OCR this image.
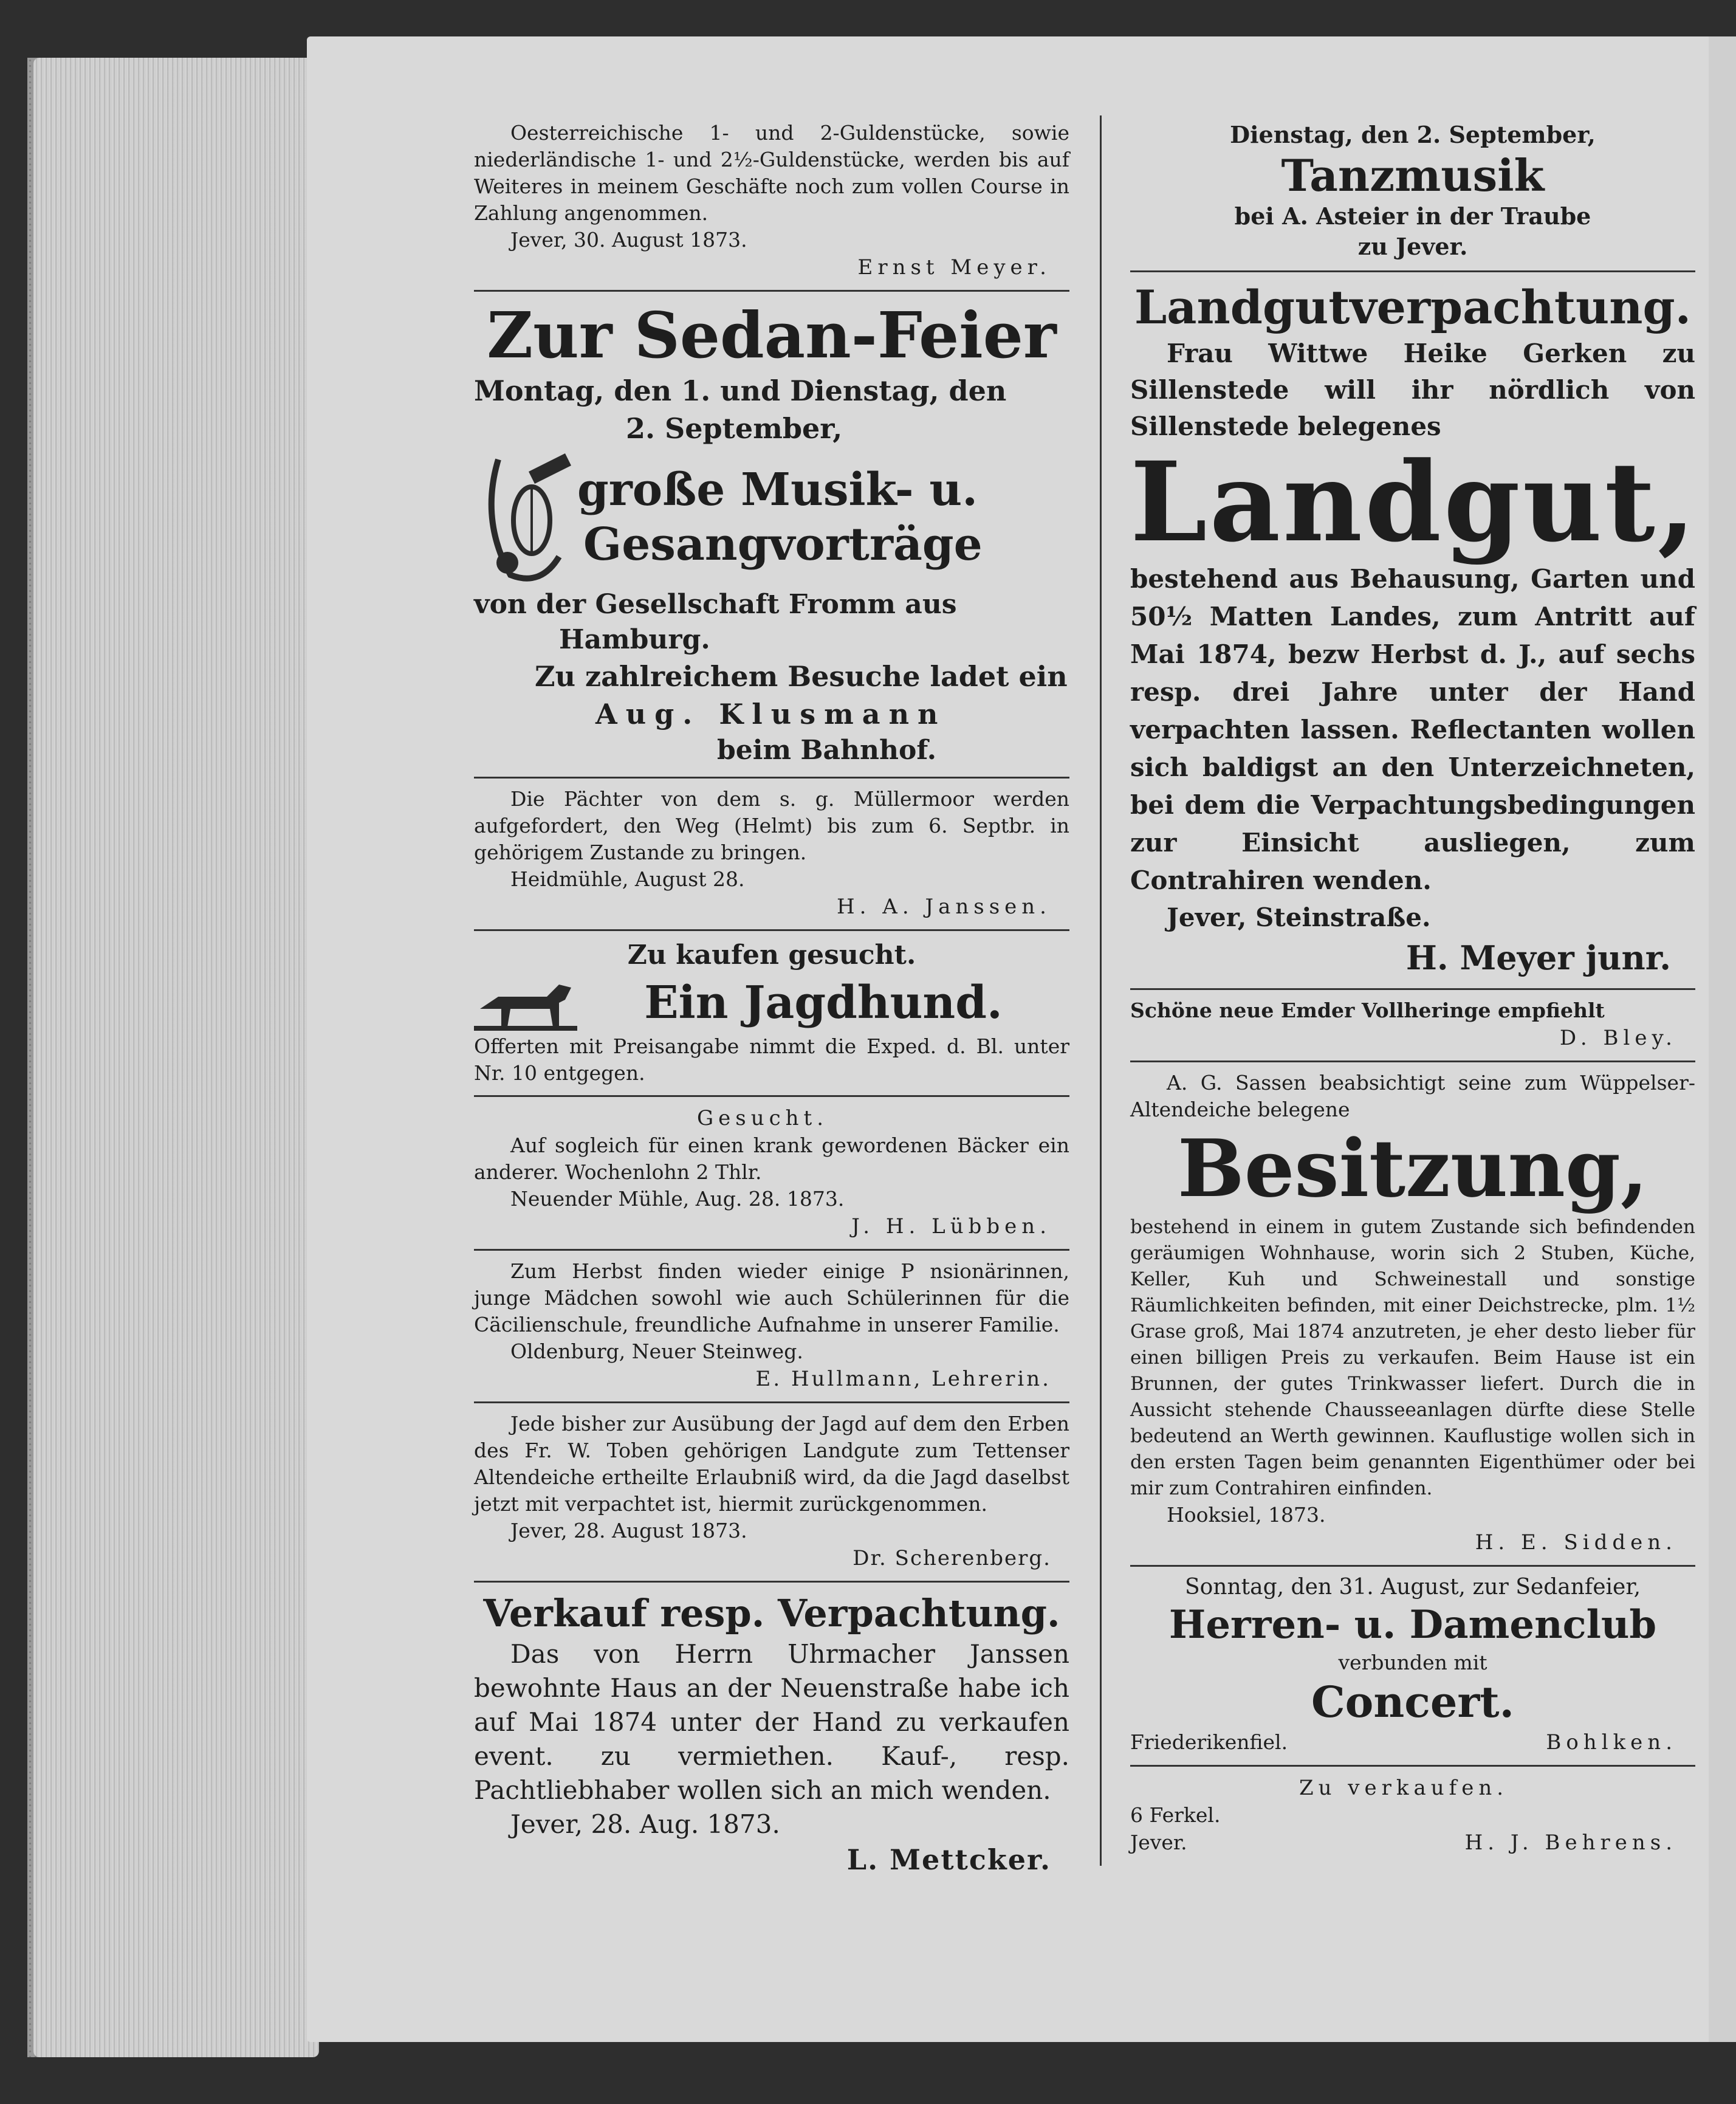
Oesterreichische 1- und 2-Guldenstücke, sowie niederländische 1- und 2½-Guldenstücke, werden bis auf Weiteres in meinem Geschäfte noch zum vollen Course in Zahlung angenommen.

Jever, 30. August 1873.

Ernst Meyer.

Zur Sedan-Feier

Montag, den 1. und Dienstag, den

2. September,

große Musik- u.

Gesangvorträge

von der Gesellschaft Fromm aus

Hamburg.

Zu zahlreichem Besuche ladet ein

Aug. Klusmann

beim Bahnhof.

Die Pächter von dem s. g. Müllermoor werden aufgefordert, den Weg (Helmt) bis zum 6. Septbr. in gehörigem Zustande zu bringen.

Heidmühle, August 28.

H. A. Janssen.

Zu kaufen gesucht.

Ein Jagdhund.

Offerten mit Preisangabe nimmt die Exped. d. Bl. unter Nr. 10 entgegen.

Gesucht.

Auf sogleich für einen krank gewordenen Bäcker ein anderer. Wochenlohn 2 Thlr.

Neuender Mühle, Aug. 28. 1873.

J. H. Lübben.

Zum Herbst finden wieder einige P nsionärinnen, junge Mädchen sowohl wie auch Schülerinnen für die Cäcilienschule, freundliche Aufnahme in unserer Familie.

Oldenburg, Neuer Steinweg.

E. Hullmann, Lehrerin.

Jede bisher zur Ausübung der Jagd auf dem den Erben des Fr. W. Toben gehörigen Landgute zum Tettenser Altendeiche ertheilte Erlaubniß wird, da die Jagd daselbst jetzt mit verpachtet ist, hiermit zurückgenommen.

Jever, 28. August 1873.

Dr. Scherenberg.

Verkauf resp. Verpachtung.

Das von Herrn Uhrmacher Janssen bewohnte Haus an der Neuenstraße habe ich auf Mai 1874 unter der Hand zu verkaufen event. zu vermiethen. Kauf-, resp. Pachtliebhaber wollen sich an mich wenden.

Jever, 28. Aug. 1873.

L. Mettcker.

Dienstag, den 2. September,

Tanzmusik

bei A. Asteier in der Traube

zu Jever.

Landgutverpachtung.

Frau Wittwe Heike Gerken zu Sillenstede will ihr nördlich von Sillenstede belegenes

Landgut,

bestehend aus Behausung, Garten und 50½ Matten Landes, zum Antritt auf Mai 1874, bezw Herbst d. J., auf sechs resp. drei Jahre unter der Hand verpachten lassen. Reflectanten wollen sich baldigst an den Unterzeichneten, bei dem die Verpachtungsbedingungen zur Einsicht ausliegen, zum Contrahiren wenden.

Jever, Steinstraße.

H. Meyer junr.

Schöne neue Emder Vollheringe empfiehlt

D. Bley.

A. G. Sassen beabsichtigt seine zum Wüppelser-Altendeiche belegene

Besitzung,

bestehend in einem in gutem Zustande sich befindenden geräumigen Wohnhause, worin sich 2 Stuben, Küche, Keller, Kuh und Schweinestall und sonstige Räumlichkeiten befinden, mit einer Deichstrecke, plm. 1½ Grase groß, Mai 1874 anzutreten, je eher desto lieber für einen billigen Preis zu verkaufen. Beim Hause ist ein Brunnen, der gutes Trinkwasser liefert. Durch die in Aussicht stehende Chausseeanlagen dürfte diese Stelle bedeutend an Werth gewinnen. Kauflustige wollen sich in den ersten Tagen beim genannten Eigenthümer oder bei mir zum Contrahiren einfinden.

Hooksiel, 1873.

H. E. Sidden.

Sonntag, den 31. August, zur Sedanfeier,

Herren- u. Damenclub

verbunden mit

Concert.

Friederikenfiel.	Bohlken.

Zu verkaufen.

6 Ferkel.

Jever.	H. J. Behrens.
